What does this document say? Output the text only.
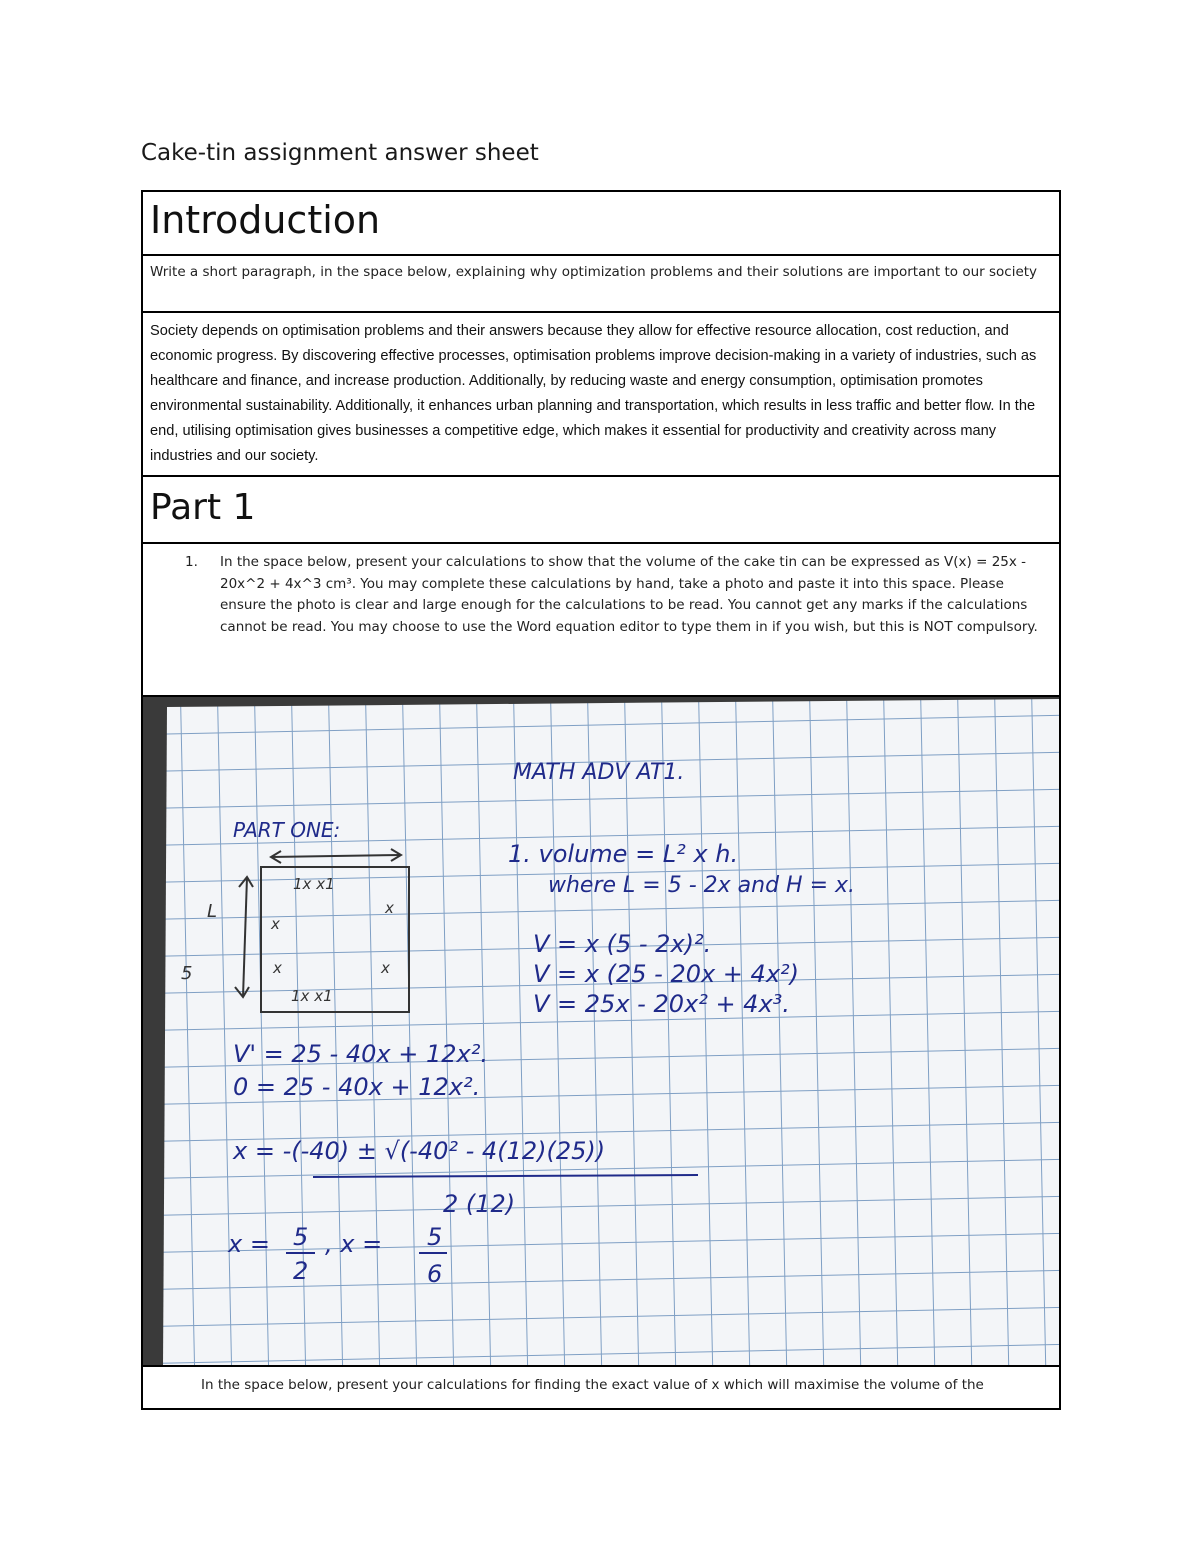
Cake-tin assignment answer sheet
Introduction
Write a short paragraph, in the space below, explaining why optimization problems and their solutions are important to our society
Society depends on optimisation problems and their answers because they allow for effective resource allocation, cost reduction, and economic progress. By discovering effective processes, optimisation problems improve decision-making in a variety of industries, such as healthcare and finance, and increase production. Additionally, by reducing waste and energy consumption, optimisation promotes environmental sustainability. Additionally, it enhances urban planning and transportation, which results in less traffic and better flow. In the end, utilising optimisation gives businesses a competitive edge, which makes it essential for productivity and creativity across many industries and our society.
Part 1
1. In the space below, present your calculations to show that the volume of the cake tin can be expressed as V(x) = 25x - 20x^2 + 4x^3 cm³. You may complete these calculations by hand, take a photo and paste it into this space. Please ensure the photo is clear and large enough for the calculations to be read. You cannot get any marks if the calculations cannot be read. You may choose to use the Word equation editor to type them in if you wish, but this is NOT compulsory.
MATH ADV AT1.
PART ONE:
1. volume = L² x h.
where L = 5 - 2x and H = x.
V = x (5 - 2x)².
V = x (25 - 20x + 4x²)
V = 25x - 20x² + 4x³.
V' = 25 - 40x + 12x².
0 = 25 - 40x + 12x².
x = -(-40) ± √(-40² - 4(12)(25))
2 (12)
x = 5
2
, x = 5
6
1x x1
L
5
x
x
x	x
1x x1
In the space below, present your calculations for finding the exact value of x which will maximise the volume of the
